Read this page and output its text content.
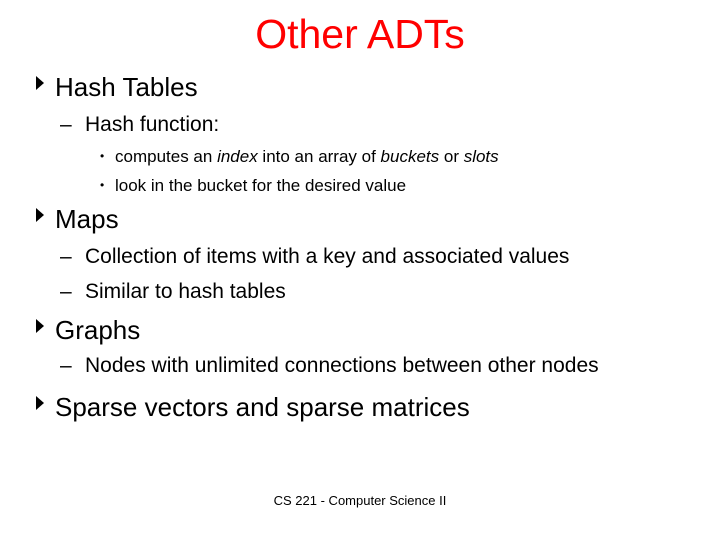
Other ADTs
Hash Tables
– Hash function:
• computes an index into an array of buckets or slots
• look in the bucket for the desired value
Maps
– Collection of items with a key and associated values
– Similar to hash tables
Graphs
– Nodes with unlimited connections between other nodes
Sparse vectors and sparse matrices
CS 221 - Computer Science II
